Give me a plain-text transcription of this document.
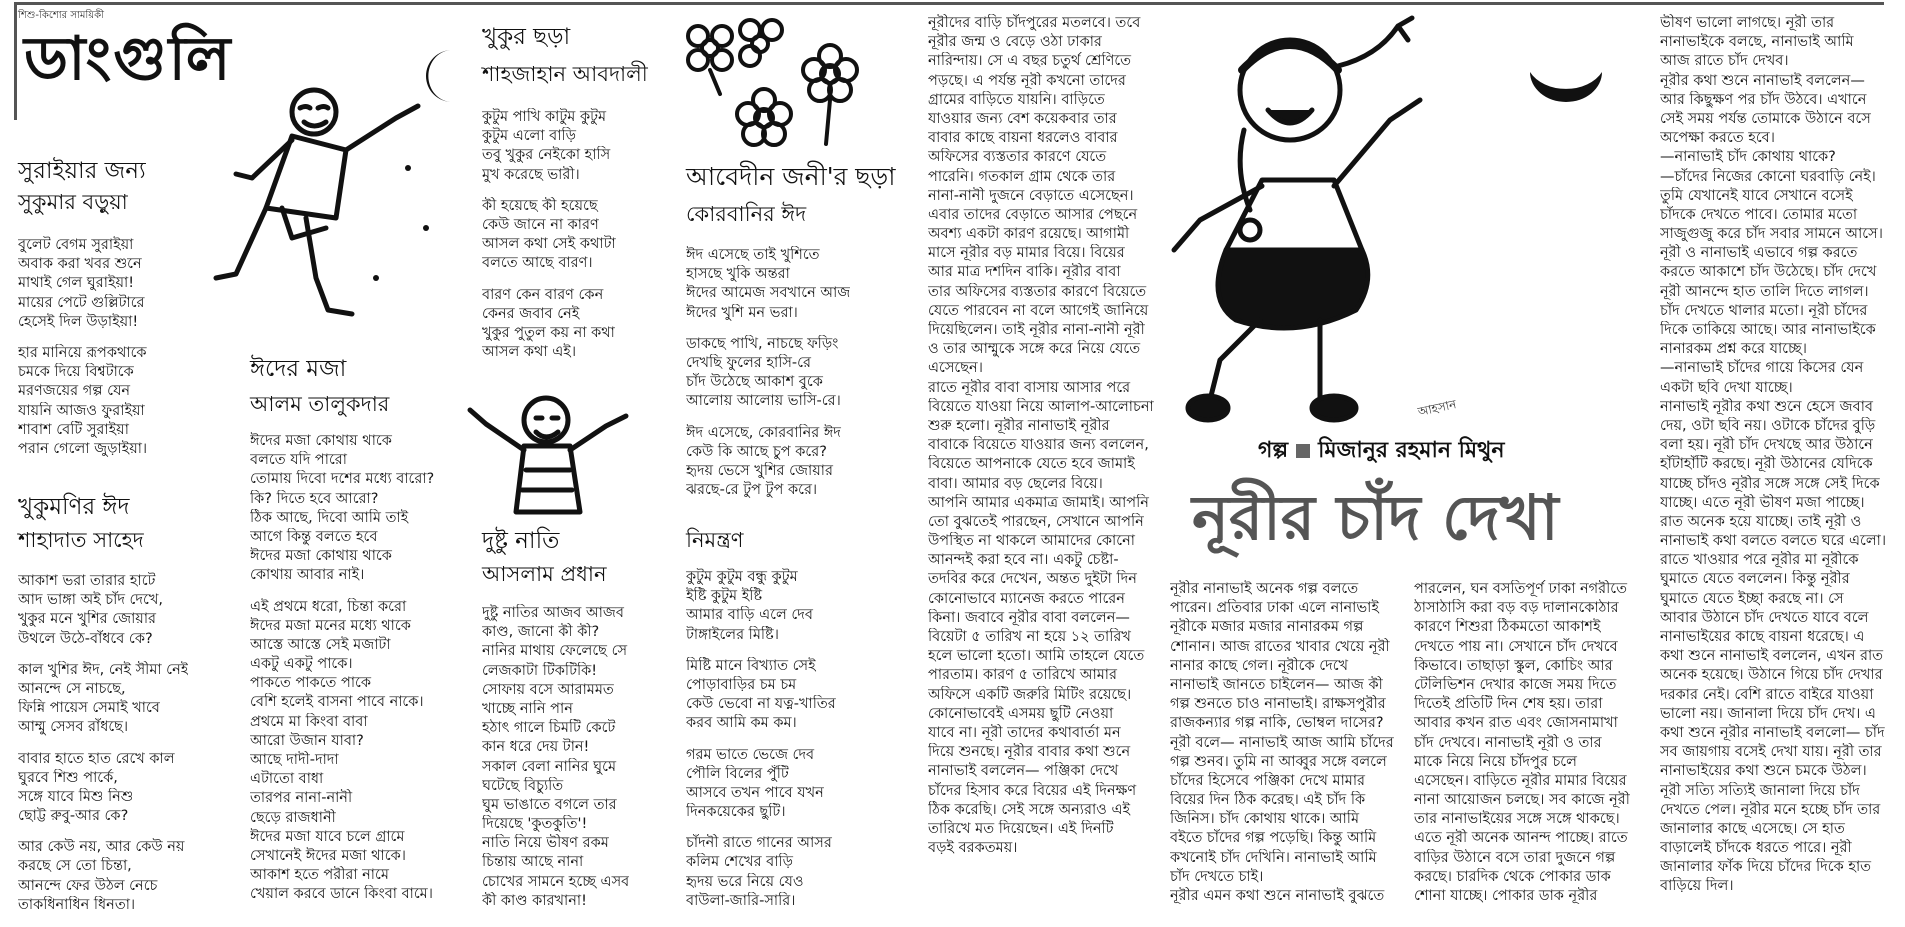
শিশু-কিশোর সাময়িকী
ডাংগুলি
আহসান
গল্প মিজানুর রহমান মিথুন
নূরীর চাঁদ দেখা
সুরাইয়ার জন্য
সুকুমার বড়ুয়া
বুলেট বেগম সুরাইয়া
অবাক করা খবর শুনে
মাথাই গেল ঘুরাইয়া!
মায়ের পেটে গুল্লিটারে
হেসেই দিল উড়াইয়া!
হার মানিয়ে রূপকথাকে
চমকে দিয়ে বিশ্বটাকে
মরণজয়ের গল্প যেন
যায়নি আজও ফুরাইয়া
শাবাশ বেটি সুরাইয়া
পরান গেলো জুড়াইয়া।
খুকুমণির ঈদ
শাহাদাত সাহেদ
আকাশ ভরা তারার হাটে
আদ ভাঙ্গা অই চাঁদ দেখে,
খুকুর মনে খুশির জোয়ার
উথলে উঠে-বাঁধবে কে?
কাল খুশির ঈদ, নেই সীমা নেই
আনন্দে সে নাচছে,
ফিন্নি পায়েস সেমাই খাবে
আম্মু সেসব রাঁধছে।
বাবার হাতে হাত রেখে কাল
ঘুরবে শিশু পার্কে,
সঙ্গে যাবে মিশু নিশু
ছোট্ট রুবু-আর কে?
আর কেউ নয়, আর কেউ নয়
করছে সে তো চিন্তা,
আনন্দে ফের উঠল নেচে
তাকধিনাধিন ধিনতা।
ঈদের মজা
আলম তালুকদার
ঈদের মজা কোথায় থাকে
বলতে যদি পারো
তোমায় দিবো দশের মধ্যে বারো?
কি? দিতে হবে আরো?
ঠিক আছে, দিবো আমি তাই
আগে কিন্তু বলতে হবে
ঈদের মজা কোথায় থাকে
কোথায় আবার নাই।
এই প্রথমে ধরো, চিন্তা করো
ঈদের মজা মনের মধ্যে থাকে
আস্তে আস্তে সেই মজাটা
একটু একটু পাকে।
পাকতে পাকতে পাকে
বেশি হলেই বাসনা পাবে নাকে।
প্রথমে মা কিংবা বাবা
আরো উজান যাবা?
আছে দাদী-দাদা
এটাতো বাধা
তারপর নানা-নানী
ছেড়ে রাজধানী
ঈদের মজা যাবে চলে গ্রামে
সেখানেই ঈদের মজা থাকে।
আকাশ হতে পরীরা নামে
খেয়াল করবে ডানে কিংবা বামে।
খুকুর ছড়া
শাহজাহান আবদালী
কুটুম পাখি কাটুম কুটুম
কুটুম এলো বাড়ি
তবু খুকুর নেইকো হাসি
মুখ করেছে ভারী।
কী হয়েছে কী হয়েছে
কেউ জানে না কারণ
আসল কথা সেই কথাটা
বলতে আছে বারণ।
বারণ কেন বারণ কেন
কেনর জবাব নেই
খুকুর পুতুল কয় না কথা
আসল কথা এই।
দুষ্টু নাতি
আসলাম প্রধান
দুষ্টু নাতির আজব আজব
কাণ্ড, জানো কী কী?
নানির মাথায় ফেলেছে সে
লেজকাটা টিকটিকি!
সোফায় বসে আরামমত
খাচ্ছে নানি পান
হঠাৎ গালে চিমটি কেটে
কান ধরে দেয় টান!
সকাল বেলা নানির ঘুমে
ঘটেছে বিচ্যুতি
ঘুম ভাঙাতে বগলে তার
দিয়েছে 'কুতকুতি'!
নাতি নিয়ে ভীষণ রকম
চিন্তায় আছে নানা
চোখের সামনে হচ্ছে এসব
কী কাণ্ড কারখানা!
আবেদীন জনী'র ছড়া
কোরবানির ঈদ
ঈদ এসেছে তাই খুশিতে
হাসছে খুকি অন্তরা
ঈদের আমেজ সবখানে আজ
ঈদের খুশি মন ভরা।
ডাকছে পাখি, নাচছে ফড়িং
দেখছি ফুলের হাসি-রে
চাঁদ উঠেছে আকাশ বুকে
আলোয় আলোয় ভাসি-রে।
ঈদ এসেছে, কোরবানির ঈদ
কেউ কি আছে চুপ করে?
হৃদয় ভেসে খুশির জোয়ার
ঝরছে-রে টুপ টুপ করে।
নিমন্ত্রণ
কুটুম কুটুম বন্ধু কুটুম
ইষ্টি কুটুম ইষ্টি
আমার বাড়ি এলে দেব
টাঙ্গাইলের মিষ্টি।
মিষ্টি মানে বিখ্যাত সেই
পোড়াবাড়ির চম চম
কেউ ভেবো না যত্ন-খাতির
করব আমি কম কম।
গরম ভাতে ভেজে দেব
পৌলি বিলের পুঁটি
আসবে তখন পাবে যখন
দিনকয়েকের ছুটি।
চাঁদনী রাতে গানের আসর
কলিম শেখের বাড়ি
হৃদয় ভরে নিয়ে যেও
বাউলা-জারি-সারি।
নূরীদের বাড়ি চাঁদপুরের মতলবে। তবে
নূরীর জন্ম ও বেড়ে ওঠা ঢাকার
নারিন্দায়। সে এ বছর চতুর্থ শ্রেণিতে
পড়ছে। এ পর্যন্ত নূরী কখনো তাদের
গ্রামের বাড়িতে যায়নি। বাড়িতে
যাওয়ার জন্য বেশ কয়েকবার তার
বাবার কাছে বায়না ধরলেও বাবার
অফিসের ব্যস্ততার কারণে যেতে
পারেনি। গতকাল গ্রাম থেকে তার
নানা-নানী দুজনে বেড়াতে এসেছেন।
এবার তাদের বেড়াতে আসার পেছনে
অবশ্য একটা কারণ রয়েছে। আগামী
মাসে নূরীর বড় মামার বিয়ে। বিয়ের
আর মাত্র দশদিন বাকি। নূরীর বাবা
তার অফিসের ব্যস্ততার কারণে বিয়েতে
যেতে পারবেন না বলে আগেই জানিয়ে
দিয়েছিলেন। তাই নূরীর নানা-নানী নূরী
ও তার আম্মুকে সঙ্গে করে নিয়ে যেতে
এসেছেন।
রাতে নূরীর বাবা বাসায় আসার পরে
বিয়েতে যাওয়া নিয়ে আলাপ-আলোচনা
শুরু হলো। নূরীর নানাভাই নূরীর
বাবাকে বিয়েতে যাওয়ার জন্য বললেন,
বিয়েতে আপনাকে যেতে হবে জামাই
বাবা। আমার বড় ছেলের বিয়ে।
আপনি আমার একমাত্র জামাই। আপনি
তো বুঝতেই পারছেন, সেখানে আপনি
উপস্থিত না থাকলে আমাদের কোনো
আনন্দই করা হবে না। একটু চেষ্টা-
তদবির করে দেখেন, অন্তত দুইটা দিন
কোনোভাবে ম্যানেজ করতে পারেন
কিনা। জবাবে নূরীর বাবা বললেন—
বিয়েটা ৫ তারিখ না হয়ে ১২ তারিখ
হলে ভালো হতো। আমি তাহলে যেতে
পারতাম। কারণ ৫ তারিখে আমার
অফিসে একটি জরুরি মিটিং রয়েছে।
কোনোভাবেই এসময় ছুটি নেওয়া
যাবে না। নূরী তাদের কথাবার্তা মন
দিয়ে শুনছে। নূরীর বাবার কথা শুনে
নানাভাই বললেন— পঞ্জিকা দেখে
চাঁদের হিসাব করে বিয়ের এই দিনক্ষণ
ঠিক করেছি। সেই সঙ্গে অন্যরাও এই
তারিখে মত দিয়েছেন। এই দিনটি
বড়ই বরকতময়।
নূরীর নানাভাই অনেক গল্প বলতে
পারেন। প্রতিবার ঢাকা এলে নানাভাই
নূরীকে মজার মজার নানারকম গল্প
শোনান। আজ রাতের খাবার খেয়ে নূরী
নানার কাছে গেল। নূরীকে দেখে
নানাভাই জানতে চাইলেন— আজ কী
গল্প শুনতে চাও নানাভাই। রাক্ষসপুরীর
রাজকন্যার গল্প নাকি, ভোম্বল দাসের?
নূরী বলে— নানাভাই আজ আমি চাঁদের
গল্প শুনব। তুমি না আব্বুর সঙ্গে বললে
চাঁদের হিসেবে পঞ্জিকা দেখে মামার
বিয়ের দিন ঠিক করেছ। এই চাঁদ কি
জিনিস। চাঁদ কোথায় থাকে। আমি
বইতে চাঁদের গল্প পড়েছি। কিন্তু আমি
কখনোই চাঁদ দেখিনি। নানাভাই আমি
চাঁদ দেখতে চাই।
নূরীর এমন কথা শুনে নানাভাই বুঝতে
পারলেন, ঘন বসতিপূর্ণ ঢাকা নগরীতে
ঠাসাঠাসি করা বড় বড় দালানকোঠার
কারণে শিশুরা ঠিকমতো আকাশই
দেখতে পায় না। সেখানে চাঁদ দেখবে
কিভাবে। তাছাড়া স্কুল, কোচিং আর
টেলিভিশন দেখার কাজে সময় দিতে
দিতেই প্রতিটি দিন শেষ হয়। তারা
আবার কখন রাত এবং জোসনামাখা
চাঁদ দেখবে। নানাভাই নূরী ও তার
মাকে নিয়ে নিয়ে চাঁদপুর চলে
এসেছেন। বাড়িতে নূরীর মামার বিয়ের
নানা আয়োজন চলছে। সব কাজে নূরী
তার নানাভাইয়ের সঙ্গে সঙ্গে থাকছে।
এতে নূরী অনেক আনন্দ পাচ্ছে। রাতে
বাড়ির উঠানে বসে তারা দুজনে গল্প
করছে। চারদিক থেকে পোকার ডাক
শোনা যাচ্ছে। পোকার ডাক নূরীর
ভীষণ ভালো লাগছে। নূরী তার
নানাভাইকে বলছে, নানাভাই আমি
আজ রাতে চাঁদ দেখব।
নূরীর কথা শুনে নানাভাই বললেন—
আর কিছুক্ষণ পর চাঁদ উঠবে। এখানে
সেই সময় পর্যন্ত তোমাকে উঠানে বসে
অপেক্ষা করতে হবে।
—নানাভাই চাঁদ কোথায় থাকে?
—চাঁদের নিজের কোনো ঘরবাড়ি নেই।
তুমি যেখানেই যাবে সেখানে বসেই
চাঁদকে দেখতে পাবে। তোমার মতো
সাজুগুজু করে চাঁদ সবার সামনে আসে।
নূরী ও নানাভাই এভাবে গল্প করতে
করতে আকাশে চাঁদ উঠেছে। চাঁদ দেখে
নূরী আনন্দে হাত তালি দিতে লাগল।
চাঁদ দেখতে থালার মতো। নূরী চাঁদের
দিকে তাকিয়ে আছে। আর নানাভাইকে
নানারকম প্রশ্ন করে যাচ্ছে।
—নানাভাই চাঁদের গায়ে কিসের যেন
একটা ছবি দেখা যাচ্ছে।
নানাভাই নূরীর কথা শুনে হেসে জবাব
দেয়, ওটা ছবি নয়। ওটাকে চাঁদের বুড়ি
বলা হয়। নূরী চাঁদ দেখছে আর উঠানে
হাঁটাহাঁটি করছে। নূরী উঠানের যেদিকে
যাচ্ছে চাঁদও নূরীর সঙ্গে সঙ্গে সেই দিকে
যাচ্ছে। এতে নূরী ভীষণ মজা পাচ্ছে।
রাত অনেক হয়ে যাচ্ছে। তাই নূরী ও
নানাভাই কথা বলতে বলতে ঘরে এলো।
রাতে খাওয়ার পরে নূরীর মা নূরীকে
ঘুমাতে যেতে বললেন। কিন্তু নূরীর
ঘুমাতে যেতে ইচ্ছা করছে না। সে
আবার উঠানে চাঁদ দেখতে যাবে বলে
নানাভাইয়ের কাছে বায়না ধরেছে। এ
কথা শুনে নানাভাই বললেন, এখন রাত
অনেক হয়েছে। উঠানে গিয়ে চাঁদ দেখার
দরকার নেই। বেশি রাতে বাইরে যাওয়া
ভালো নয়। জানালা দিয়ে চাঁদ দেখ। এ
কথা শুনে নূরীর নানাভাই বললো— চাঁদ
সব জায়গায় বসেই দেখা যায়। নূরী তার
নানাভাইয়ের কথা শুনে চমকে উঠল।
নূরী সত্যি সত্যিই জানালা দিয়ে চাঁদ
দেখতে পেল। নূরীর মনে হচ্ছে চাঁদ তার
জানালার কাছে এসেছে। সে হাত
বাড়ালেই চাঁদকে ধরতে পারে। নূরী
জানালার ফাঁক দিয়ে চাঁদের দিকে হাত
বাড়িয়ে দিল।
